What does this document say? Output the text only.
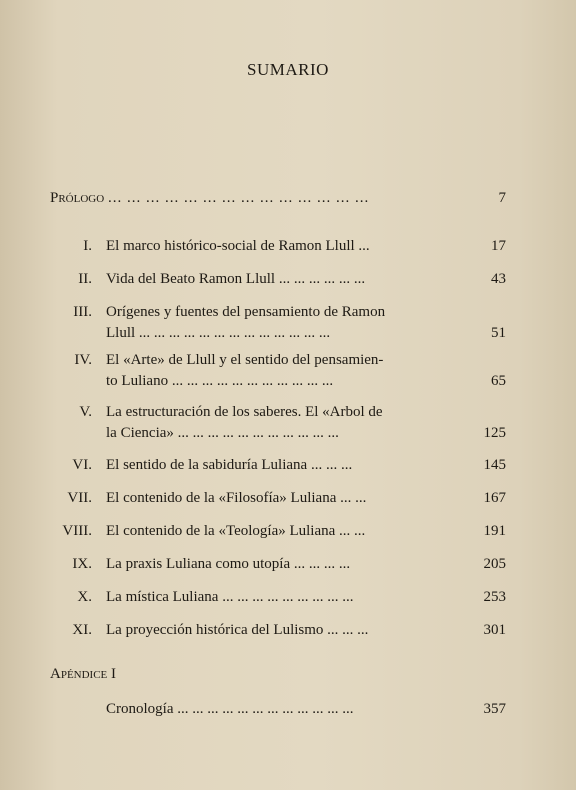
SUMARIO
Prólogo ... ... ... ... ... ... ... ... ... ... ... ... ... ...	7
I. El marco histórico-social de Ramon Llull ...	17
II. Vida del Beato Ramon Llull ... ... ... ... ... ...	43
III. Orígenes y fuentes del pensamiento de Ramon
Llull ... ... ... ... ... ... ... ... ... ... ... ... ...	51
IV. El «Arte» de Llull y el sentido del pensamien-
to Luliano ... ... ... ... ... ... ... ... ... ... ...	65
V. La estructuración de los saberes. El «Arbol de
la Ciencia» ... ... ... ... ... ... ... ... ... ... ...	125
VI. El sentido de la sabiduría Luliana ... ... ...	145
VII. El contenido de la «Filosofía» Luliana ... ...	167
VIII. El contenido de la «Teología» Luliana ... ...	191
IX. La praxis Luliana como utopía ... ... ... ...	205
X. La mística Luliana ... ... ... ... ... ... ... ... ...	253
XI. La proyección histórica del Lulismo ... ... ...	301
Apéndice I
Cronología ... ... ... ... ... ... ... ... ... ... ... ...	357
